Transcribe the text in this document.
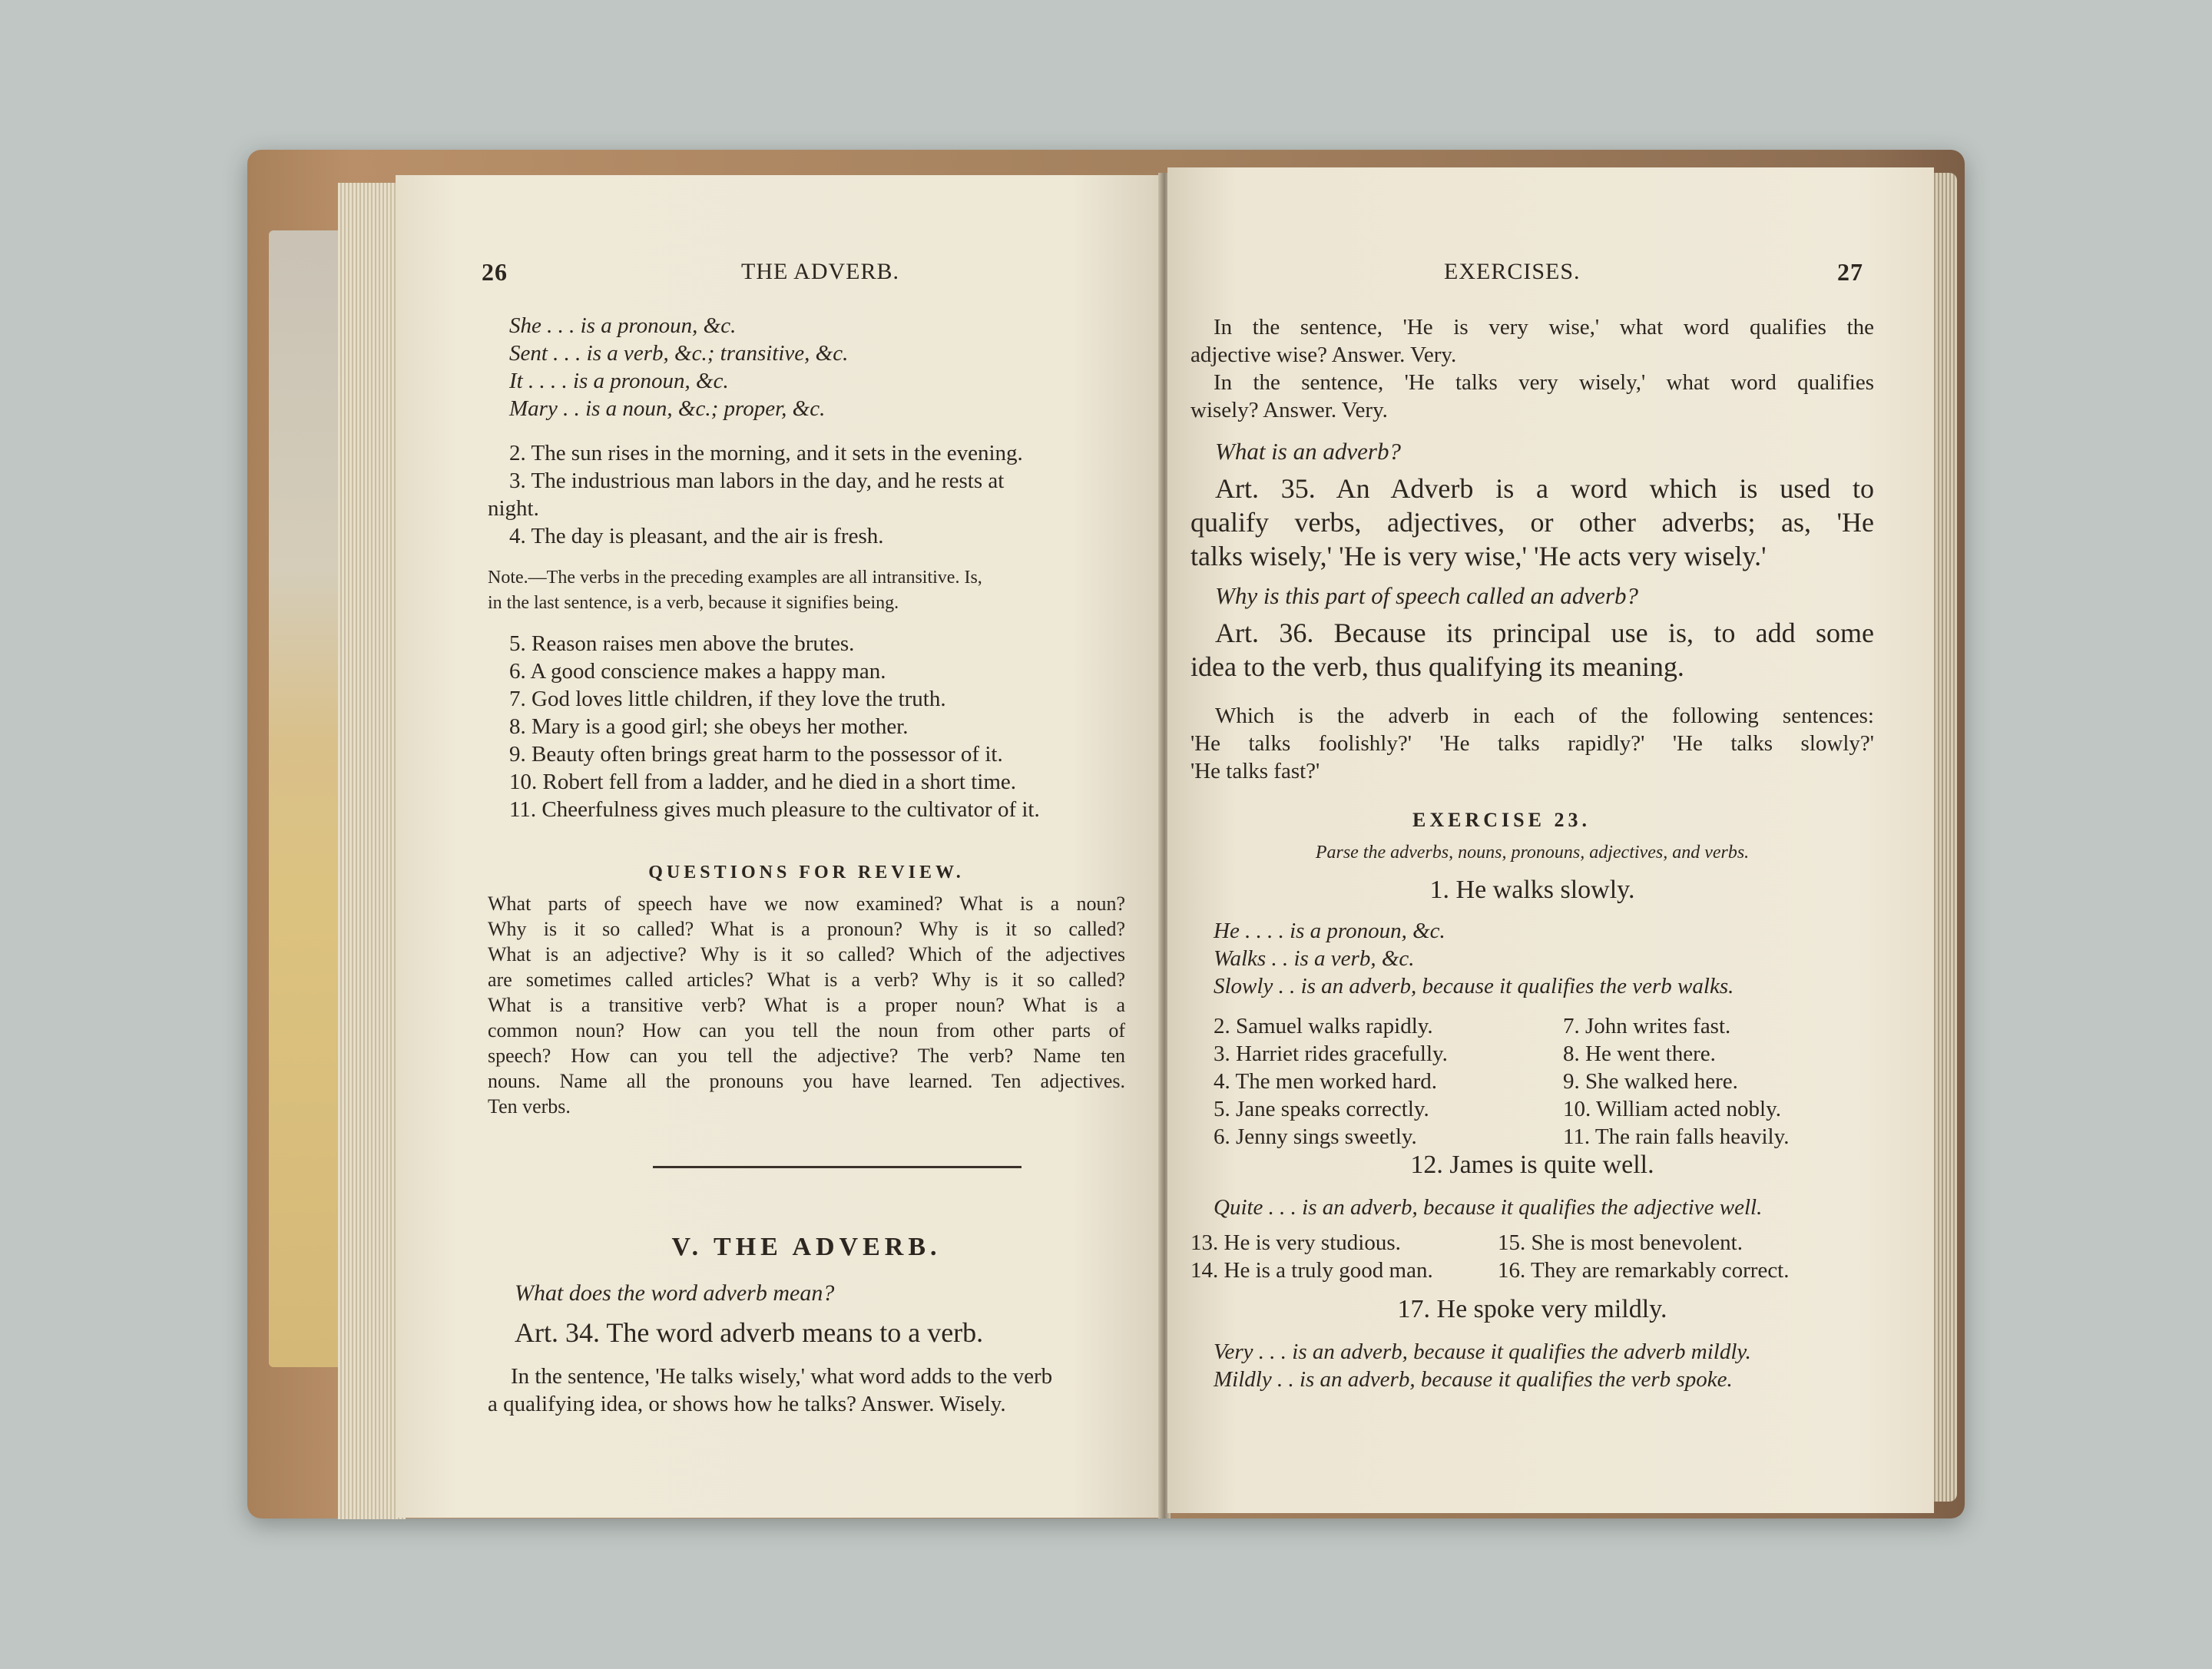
26	THE ADVERB.
She . . . is a pronoun, &c.
Sent . . . is a verb, &c.; transitive, &c.
It . . . . is a pronoun, &c.
Mary . . is a noun, &c.; proper, &c.
2. The sun rises in the morning, and it sets in the evening.
3. The industrious man labors in the day, and he rests at
night.
4. The day is pleasant, and the air is fresh.
Note.—The verbs in the preceding examples are all intransitive. Is,
in the last sentence, is a verb, because it signifies being.
5. Reason raises men above the brutes.
6. A good conscience makes a happy man.
7. God loves little children, if they love the truth.
8. Mary is a good girl; she obeys her mother.
9. Beauty often brings great harm to the possessor of it.
10. Robert fell from a ladder, and he died in a short time.
11. Cheerfulness gives much pleasure to the cultivator of it.
QUESTIONS FOR REVIEW.
What parts of speech have we now examined? What is a noun?
Why is it so called? What is a pronoun? Why is it so called?
What is an adjective? Why is it so called? Which of the adjectives
are sometimes called articles? What is a verb? Why is it so called?
What is a transitive verb? What is a proper noun? What is a
common noun? How can you tell the noun from other parts of
speech? How can you tell the adjective? The verb? Name ten
nouns. Name all the pronouns you have learned. Ten adjectives.
Ten verbs.
V. THE ADVERB.
What does the word adverb mean?
Art. 34. The word adverb means to a verb.
In the sentence, 'He talks wisely,' what word adds to the verb
a qualifying idea, or shows how he talks? Answer. Wisely.
EXERCISES.	27
In the sentence, 'He is very wise,' what word qualifies the
adjective wise? Answer. Very.
In the sentence, 'He talks very wisely,' what word qualifies
wisely? Answer. Very.
What is an adverb?
Art. 35. An Adverb is a word which is used to
qualify verbs, adjectives, or other adverbs; as, 'He
talks wisely,' 'He is very wise,' 'He acts very wisely.'
Why is this part of speech called an adverb?
Art. 36. Because its principal use is, to add some
idea to the verb, thus qualifying its meaning.
Which is the adverb in each of the following sentences:
'He talks foolishly?' 'He talks rapidly?' 'He talks slowly?'
'He talks fast?'
EXERCISE 23.
Parse the adverbs, nouns, pronouns, adjectives, and verbs.
1. He walks slowly.
He . . . . is a pronoun, &c.
Walks . . is a verb, &c.
Slowly . . is an adverb, because it qualifies the verb walks.
2. Samuel walks rapidly.
3. Harriet rides gracefully.
4. The men worked hard.
5. Jane speaks correctly.
6. Jenny sings sweetly.
7. John writes fast.
8. He went there.
9. She walked here.
10. William acted nobly.
11. The rain falls heavily.
12. James is quite well.
Quite . . . is an adverb, because it qualifies the adjective well.
13. He is very studious.
14. He is a truly good man.
15. She is most benevolent.
16. They are remarkably correct.
17. He spoke very mildly.
Very . . . is an adverb, because it qualifies the adverb mildly.
Mildly . . is an adverb, because it qualifies the verb spoke.
